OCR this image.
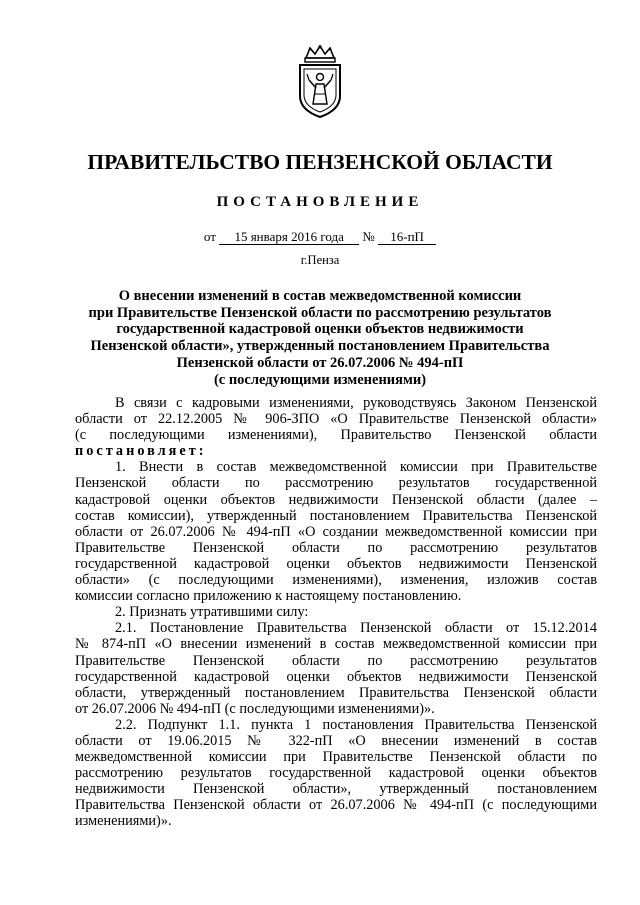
ПРАВИТЕЛЬСТВО ПЕНЗЕНСКОЙ ОБЛАСТИ
ПОСТАНОВЛЕНИЕ
от 15 января 2016 года № 16-пП
г.Пенза
О внесении изменений в состав межведомственной комиссии
при Правительстве Пензенской области по рассмотрению результатов
государственной кадастровой оценки объектов недвижимости
Пензенской области», утвержденный постановлением Правительства
Пензенской области от 26.07.2006 № 494-пП
(с последующими изменениями)
В связи с кадровыми изменениями, руководствуясь Законом Пензенской
области от 22.12.2005 № 906-ЗПО «О Правительстве Пензенской области»
(с последующими изменениями), Правительство Пензенской области
постановляет:
1. Внести в состав межведомственной комиссии при Правительстве
Пензенской области по рассмотрению результатов государственной
кадастровой оценки объектов недвижимости Пензенской области (далее –
состав комиссии), утвержденный постановлением Правительства Пензенской
области от 26.07.2006 № 494-пП «О создании межведомственной комиссии при
Правительстве Пензенской области по рассмотрению результатов
государственной кадастровой оценки объектов недвижимости Пензенской
области» (с последующими изменениями), изменения, изложив состав
комиссии согласно приложению к настоящему постановлению.
2. Признать утратившими силу:
2.1. Постановление Правительства Пензенской области от 15.12.2014
№ 874-пП «О внесении изменений в состав межведомственной комиссии при
Правительстве Пензенской области по рассмотрению результатов
государственной кадастровой оценки объектов недвижимости Пензенской
области, утвержденный постановлением Правительства Пензенской области
от 26.07.2006 № 494-пП (с последующими изменениями)».
2.2. Подпункт 1.1. пункта 1 постановления Правительства Пензенской
области от 19.06.2015 № 322-пП «О внесении изменений в состав
межведомственной комиссии при Правительстве Пензенской области по
рассмотрению результатов государственной кадастровой оценки объектов
недвижимости Пензенской области», утвержденный постановлением
Правительства Пензенской области от 26.07.2006 № 494-пП (с последующими
изменениями)».
